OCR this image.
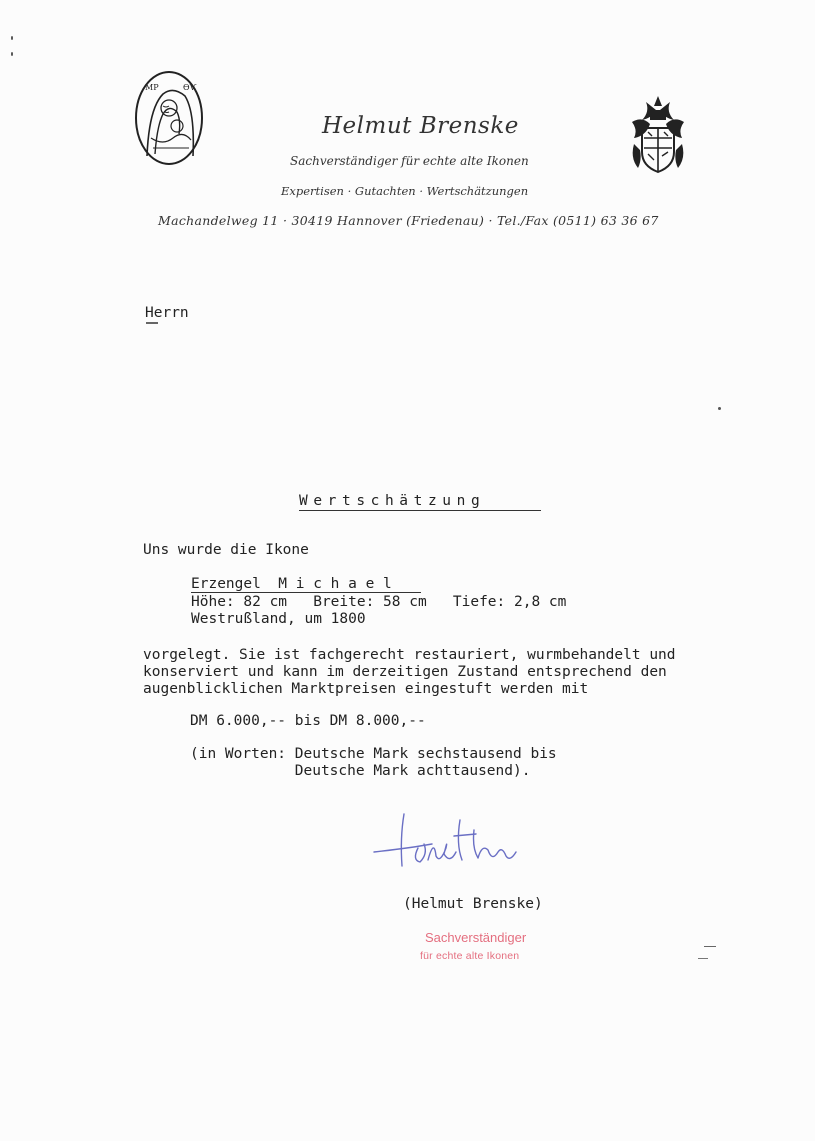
МР	ѲѴ
Helmut Brenske
Sachverständiger für echte alte Ikonen
Expertisen · Gutachten · Wertschätzungen
Machandelweg 11 · 30419 Hannover (Friedenau) · Tel./Fax (0511) 63 36 67
Herrn
Wertschätzung
Uns wurde die Ikone
Erzengel  M i c h a e l
Höhe: 82 cm   Breite: 58 cm   Tiefe: 2,8 cm
Westrußland, um 1800
vorgelegt. Sie ist fachgerecht restauriert, wurmbehandelt und
konserviert und kann im derzeitigen Zustand entsprechend den
augenblicklichen Marktpreisen eingestuft werden mit
DM 6.000,-- bis DM 8.000,--
(in Worten: Deutsche Mark sechstausend bis
Deutsche Mark achttausend).
(Helmut Brenske)
Sachverständiger
für echte alte Ikonen
